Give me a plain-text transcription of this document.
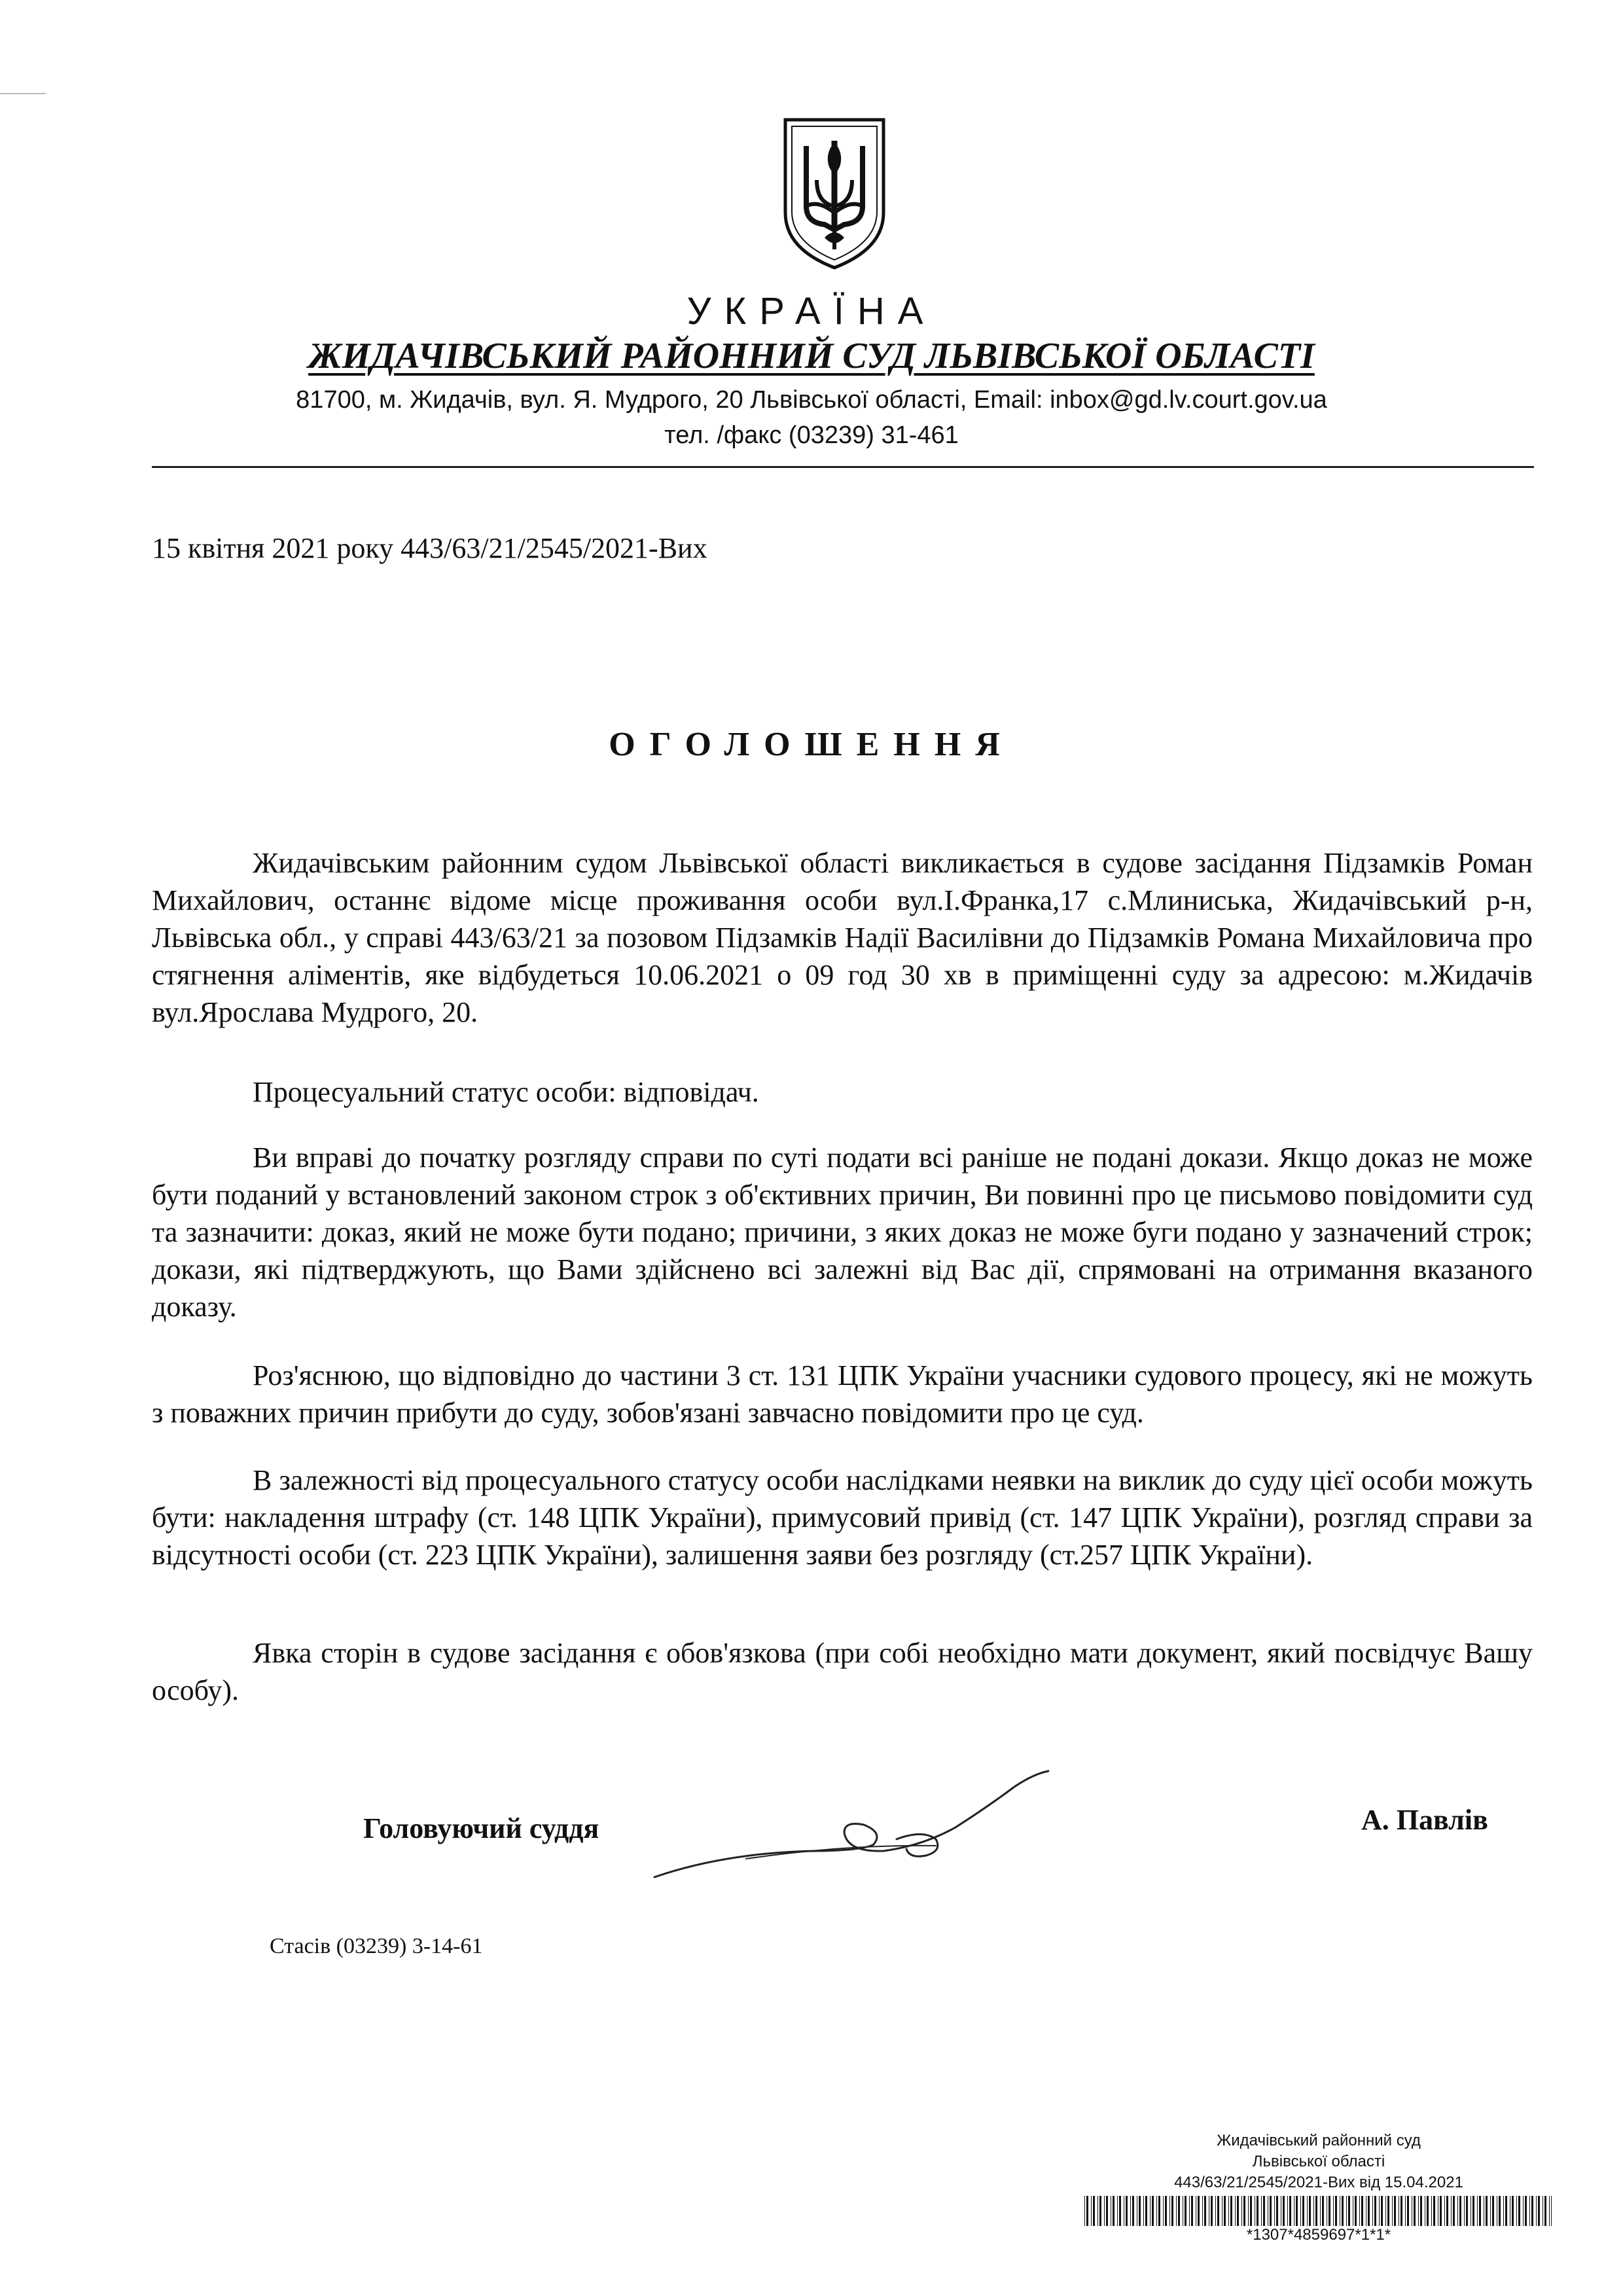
УКРАЇНА
ЖИДАЧІВСЬКИЙ РАЙОННИЙ СУД ЛЬВІВСЬКОЇ ОБЛАСТІ
81700, м. Жидачів, вул. Я. Мудрого, 20 Львівської області, Email: inbox@gd.lv.court.gov.ua
тел. /факс (03239) 31-461
15 квітня 2021 року 443/63/21/2545/2021-Вих
ОГОЛОШЕННЯ
Жидачівським районним судом Львівської області викликається в судове засідання Підзамків Роман Михайлович, останнє відоме місце проживання особи вул.І.Франка,17 с.Млиниська, Жидачівський р-н, Львівська обл., у справі 443/63/21 за позовом Підзамків Надії Василівни до Підзамків Романа Михайловича про стягнення аліментів, яке відбудеться 10.06.2021 о 09 год 30 хв в приміщенні суду за адресою: м.Жидачів вул.Ярослава Мудрого, 20.
Процесуальний статус особи: відповідач.
Ви вправі до початку розгляду справи по суті подати всі раніше не подані докази. Якщо доказ не може бути поданий у встановлений законом строк з об'єктивних причин, Ви повинні про це письмово повідомити суд та зазначити: доказ, який не може бути подано; причини, з яких доказ не може буги подано у зазначений строк; докази, які підтверджують, що Вами здійснено всі залежні від Вас дії, спрямовані на отримання вказаного доказу.
Роз'яснюю, що відповідно до частини 3 ст. 131 ЦПК України учасники судового процесу, які не можуть з поважних причин прибути до суду, зобов'язані завчасно повідомити про це суд.
В залежності від процесуального статусу особи наслідками неявки на виклик до суду цієї особи можуть бути: накладення штрафу (ст. 148 ЦПК України), примусовий привід (ст. 147 ЦПК України), розгляд справи за відсутності особи (ст. 223 ЦПК України), залишення заяви без розгляду (ст.257 ЦПК України).
Явка сторін в судове засідання є обов'язкова (при собі необхідно мати документ, який посвідчує Вашу особу).
Головуючий суддя	А. Павлів
Стасів (03239) 3-14-61
Жидачівський районний суд
Львівської області
443/63/21/2545/2021-Вих від 15.04.2021
*1307*4859697*1*1*
